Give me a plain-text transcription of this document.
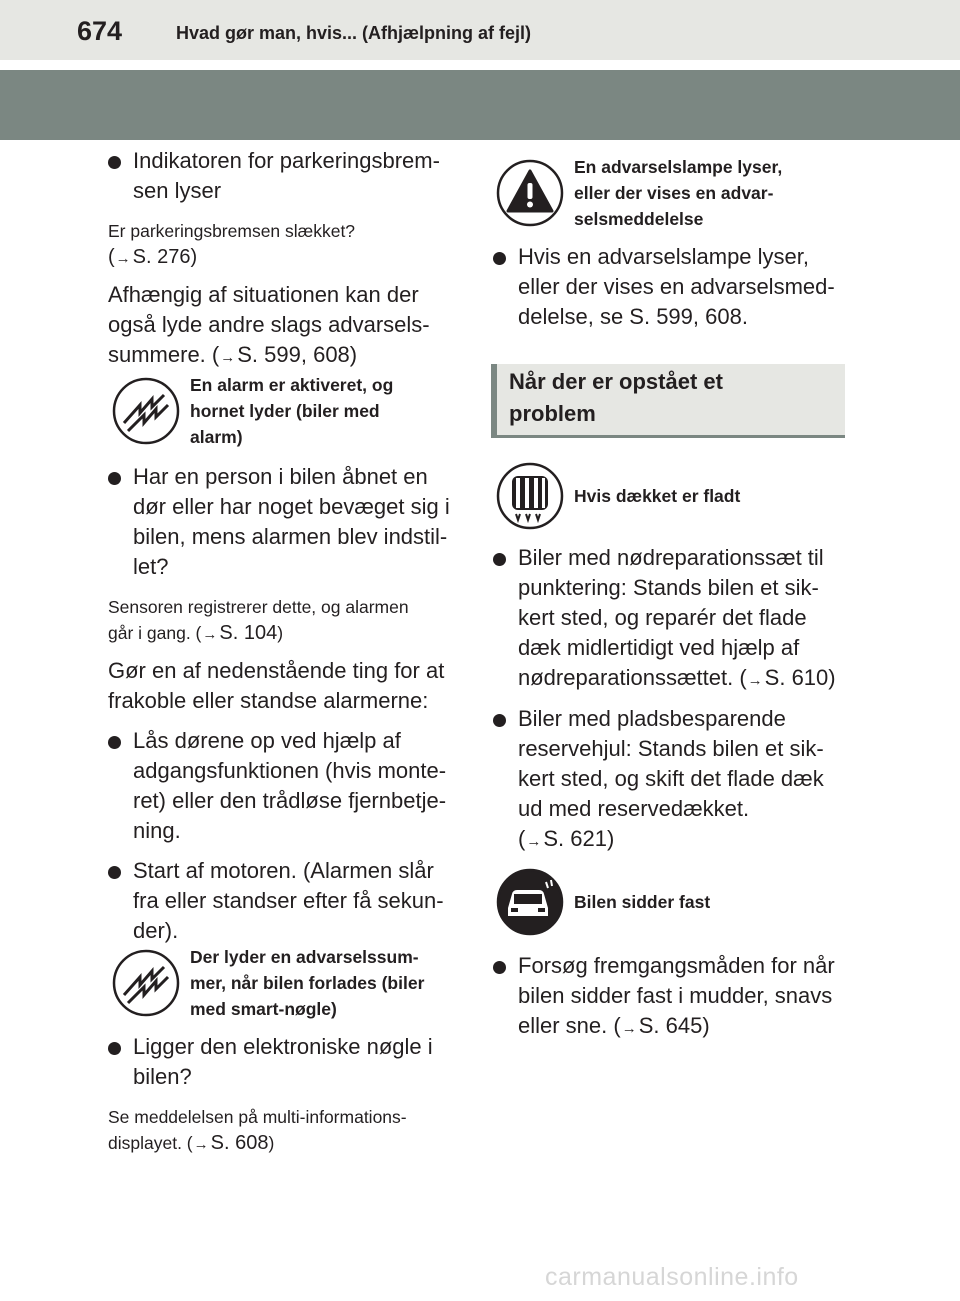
674	Hvad gør man, hvis... (Afhjælpning af fejl)
Indikatoren for parkeringsbrem-
sen lyser
Er parkeringsbremsen slækket?
(→ S. 276)
Afhængig af situationen kan der
også lyde andre slags advarsels-
summere. (→S. 599, 608)
En alarm er aktiveret, og
hornet lyder (biler med
alarm)
Har en person i bilen åbnet en
dør eller har noget bevæget sig i
bilen, mens alarmen blev indstil-
let?
Sensoren registrerer dette, og alarmen
går i gang. (→ S. 104)
Gør en af nedenstående ting for at
frakoble eller standse alarmerne:
Lås dørene op ved hjælp af
adgangsfunktionen (hvis monte-
ret) eller den trådløse fjernbetje-
ning.
Start af motoren. (Alarmen slår
fra eller standser efter få sekun-
der).
Der lyder en advarselssum-
mer, når bilen forlades (biler
med smart-nøgle)
Ligger den elektroniske nøgle i
bilen?
Se meddelelsen på multi-informations-
displayet. (→ S. 608)
En advarselslampe lyser,
eller der vises en advar-
selsmeddelelse
Hvis en advarselslampe lyser,
eller der vises en advarselsmed-
delelse, se S. 599, 608.
Når der er opstået et
problem
Hvis dækket er fladt
Biler med nødreparationssæt til
punktering: Stands bilen et sik-
kert sted, og reparér det flade
dæk midlertidigt ved hjælp af
nødreparationssættet. (→S. 610)
Biler med pladsbesparende
reservehjul: Stands bilen et sik-
kert sted, og skift det flade dæk
ud med reservedækket.
(→S. 621)
Bilen sidder fast
Forsøg fremgangsmåden for når
bilen sidder fast i mudder, snavs
eller sne. (→S. 645)
carmanualsonline.info
